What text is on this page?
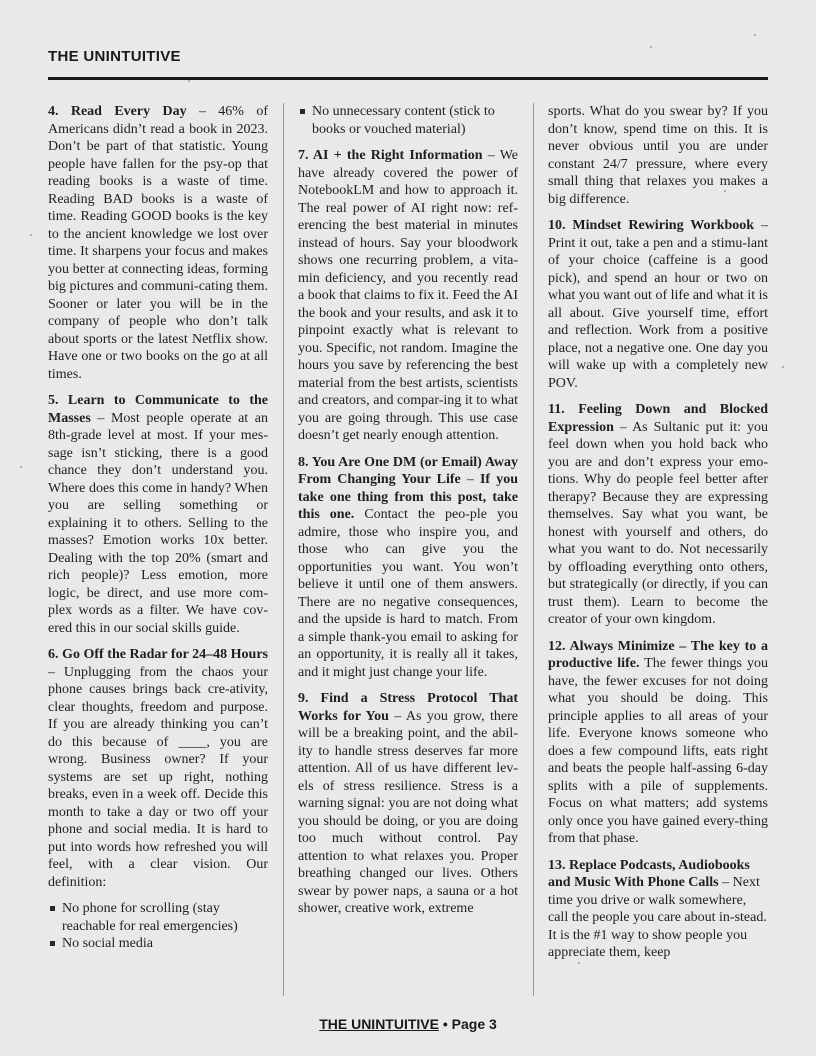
THE UNINTUITIVE

4. Read Every Day – 46% of Americans didn’t read a book in 2023. Don’t be part of that statistic. Young people have fallen for the psy-op that reading books is a waste of time. Reading BAD books is a waste of time. Reading GOOD books is the key to the ancient knowledge we lost over time. It sharpens your focus and makes you better at connecting ideas, forming big pictures and communi-cating them. Sooner or later you will be in the company of people who don’t talk about sports or the latest Netflix show. Have one or two books on the go at all times.

5. Learn to Communicate to the Masses – Most people operate at an 8th-grade level at most. If your mes-sage isn’t sticking, there is a good chance they don’t understand you. Where does this come in handy? When you are selling something or explaining it to others. Selling to the masses? Emotion works 10x better. Dealing with the top 20% (smart and rich people)? Less emotion, more logic, be direct, and use more com-plex words as a filter. We have cov-ered this in our social skills guide.

6. Go Off the Radar for 24–48 Hours – Unplugging from the chaos your phone causes brings back cre-ativity, clear thoughts, freedom and purpose. If you are already thinking you can’t do this because of ____, you are wrong. Business owner? If your systems are set up right, nothing breaks, even in a week off. Decide this month to take a day or two off your phone and social media. It is hard to put into words how refreshed you will feel, with a clear vision. Our definition:

No phone for scrolling (stay reachable for real emergencies)
No social media
No unnecessary content (stick to books or vouched material)

7. AI + the Right Information – We have already covered the power of NotebookLM and how to approach it. The real power of AI right now: ref-erencing the best material in minutes instead of hours. Say your bloodwork shows one recurring problem, a vita-min deficiency, and you recently read a book that claims to fix it. Feed the AI the book and your results, and ask it to pinpoint exactly what is relevant to you. Specific, not random. Imagine the hours you save by referencing the best material from the best artists, scientists and creators, and compar-ing it to what you are going through. This use case doesn’t get nearly enough attention.

8. You Are One DM (or Email) Away From Changing Your Life – If you take one thing from this post, take this one. Contact the peo-ple you admire, those who inspire you, and those who can give you the opportunities you want. You won’t believe it until one of them answers. There are no negative consequences, and the upside is hard to match. From a simple thank-you email to asking for an opportunity, it is really all it takes, and it might just change your life.

9. Find a Stress Protocol That Works for You – As you grow, there will be a breaking point, and the abil-ity to handle stress deserves far more attention. All of us have different lev-els of stress resilience. Stress is a warning signal: you are not doing what you should be doing, or you are doing too much without control. Pay attention to what relaxes you. Proper breathing changed our lives. Others swear by power naps, a sauna or a hot shower, creative work, extreme

sports. What do you swear by? If you don’t know, spend time on this. It is never obvious until you are under constant 24/7 pressure, where every small thing that relaxes you makes a big difference.

10. Mindset Rewiring Workbook – Print it out, take a pen and a stimu-lant of your choice (caffeine is a good pick), and spend an hour or two on what you want out of life and what it is all about. Give yourself time, effort and reflection. Work from a positive place, not a negative one. One day you will wake up with a completely new POV.

11. Feeling Down and Blocked Expression – As Sultanic put it: you feel down when you hold back who you are and don’t express your emo-tions. Why do people feel better after therapy? Because they are expressing themselves. Say what you want, be honest with yourself and others, do what you want to do. Not necessarily by offloading everything onto others, but strategically (or directly, if you can trust them). Learn to become the creator of your own kingdom.

12. Always Minimize – The key to a productive life. The fewer things you have, the fewer excuses for not doing what you should be doing. This principle applies to all areas of your life. Everyone knows someone who does a few compound lifts, eats right and beats the people half-assing 6-day splits with a pile of supplements. Focus on what matters; add systems only once you have gained every-thing from that phase.

13. Replace Podcasts, Audiobooks and Music With Phone Calls – Next time you drive or walk somewhere, call the people you care about in-stead. It is the #1 way to show people you appreciate them, keep

THE UNINTUITIVE • Page 3
